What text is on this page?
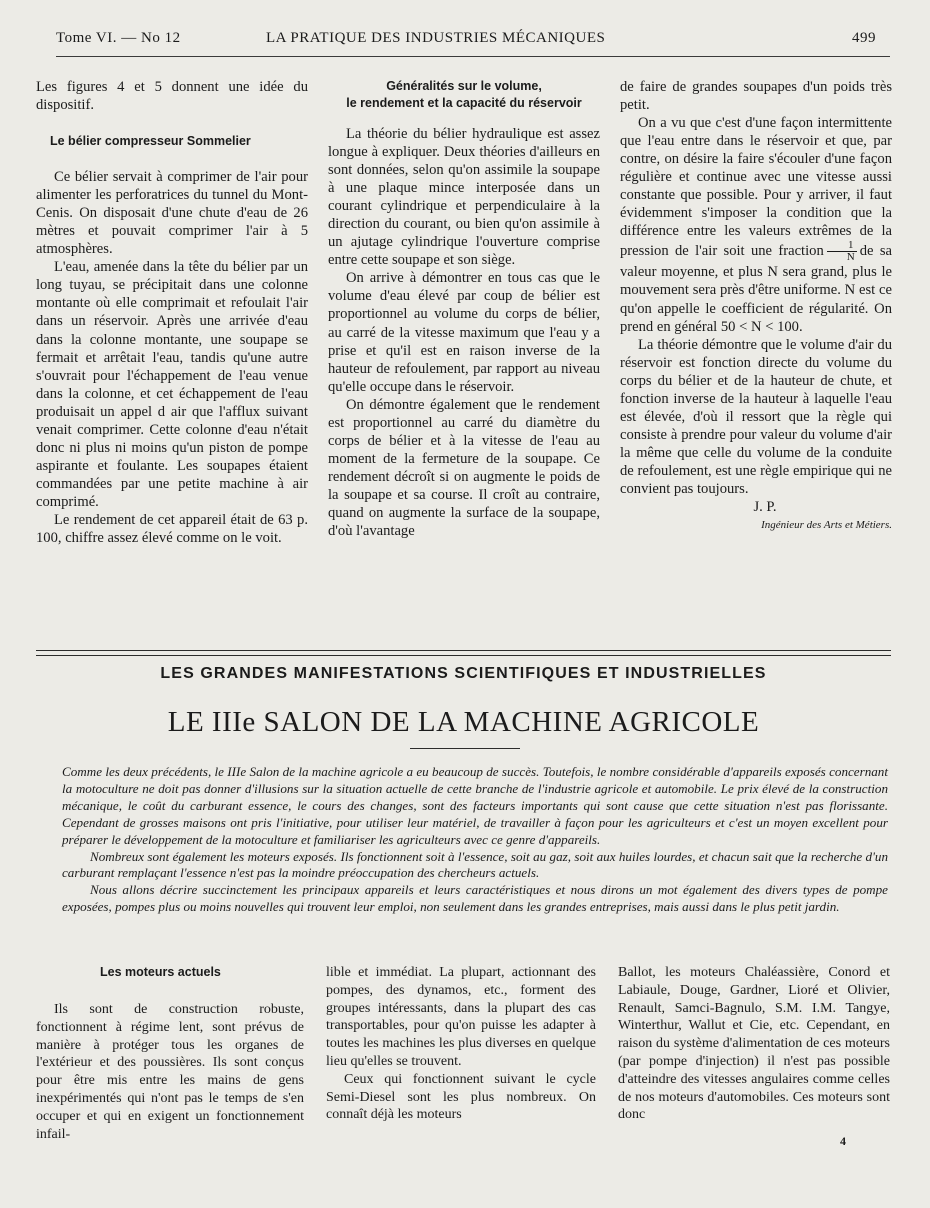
Tome VI. — No 12	LA PRATIQUE DES INDUSTRIES MÉCANIQUES	499

Les figures 4 et 5 donnent une idée du dispositif.

Le bélier compresseur Sommelier

Ce bélier servait à comprimer de l'air pour alimenter les perforatrices du tunnel du Mont-Cenis. On disposait d'une chute d'eau de 26 mètres et pouvait comprimer l'air à 5 atmosphères.

L'eau, amenée dans la tête du bélier par un long tuyau, se précipitait dans une colonne montante où elle comprimait et refoulait l'air dans un réservoir. Après une arrivée d'eau dans la colonne montante, une soupape se fermait et arrêtait l'eau, tandis qu'une autre s'ouvrait pour l'échappement de l'eau venue dans la colonne, et cet échappement de l'eau produisait un appel d air que l'afflux suivant venait comprimer. Cette colonne d'eau n'était donc ni plus ni moins qu'un piston de pompe aspirante et foulante. Les soupapes étaient commandées par une petite machine à air comprimé.

Le rendement de cet appareil était de 63 p. 100, chiffre assez élevé comme on le voit.

Généralités sur le volume,
le rendement et la capacité du réservoir

La théorie du bélier hydraulique est assez longue à expliquer. Deux théories d'ailleurs en sont données, selon qu'on assimile la soupape à une plaque mince interposée dans un courant cylindrique et perpendiculaire à la direction du courant, ou bien qu'on assimile à un ajutage cylindrique l'ouverture comprise entre cette soupape et son siège.

On arrive à démontrer en tous cas que le volume d'eau élevé par coup de bélier est proportionnel au volume du corps de bélier, au carré de la vitesse maximum que l'eau y a prise et qu'il est en raison inverse de la hauteur de refoulement, par rapport au niveau qu'elle occupe dans le réservoir.

On démontre également que le rendement est proportionnel au carré du diamètre du corps de bélier et à la vitesse de l'eau au moment de la fermeture de la soupape. Ce rendement décroît si on augmente le poids de la soupape et sa course. Il croît au contraire, quand on augmente la surface de la soupape, d'où l'avantage

de faire de grandes soupapes d'un poids très petit.

On a vu que c'est d'une façon intermittente que l'eau entre dans le réservoir et que, par contre, on désire la faire s'écouler d'une façon régulière et continue avec une vitesse aussi constante que possible. Pour y arriver, il faut évidemment s'imposer la condition que la différence entre les valeurs extrêmes de la pression de l'air soit une fraction $\frac{1}{N}$ de sa valeur moyenne, et plus N sera grand, plus le mouvement sera près d'être uniforme. N est ce qu'on appelle le coefficient de régularité. On prend en général 50 < N < 100.

La théorie démontre que le volume d'air du réservoir est fonction directe du volume du corps du bélier et de la hauteur de chute, et fonction inverse de la hauteur à laquelle l'eau est élevée, d'où il ressort que la règle qui consiste à prendre pour valeur du volume d'air la même que celle du volume de la conduite de refoulement, est une règle empirique qui ne convient pas toujours.

J. P.

Ingénieur des Arts et Métiers.

LES GRANDES MANIFESTATIONS SCIENTIFIQUES ET INDUSTRIELLES
LE IIIe SALON DE LA MACHINE AGRICOLE

Comme les deux précédents, le IIIe Salon de la machine agricole a eu beaucoup de succès. Toutefois, le nombre considérable d'appareils exposés concernant la motoculture ne doit pas donner d'illusions sur la situation actuelle de cette branche de l'industrie agricole et automobile. Le prix élevé de la construction mécanique, le coût du carburant essence, le cours des changes, sont des facteurs importants qui sont cause que cette situation n'est pas florissante. Cependant de grosses maisons ont pris l'initiative, pour utiliser leur matériel, de travailler à façon pour les agriculteurs et c'est un moyen excellent pour préparer le développement de la motoculture et familiariser les agriculteurs avec ce genre d'appareils.

Nombreux sont également les moteurs exposés. Ils fonctionnent soit à l'essence, soit au gaz, soit aux huiles lourdes, et chacun sait que la recherche d'un carburant remplaçant l'essence n'est pas la moindre préoccupation des chercheurs actuels.

Nous allons décrire succinctement les principaux appareils et leurs caractéristiques et nous dirons un mot également des divers types de pompe exposées, pompes plus ou moins nouvelles qui trouvent leur emploi, non seulement dans les grandes entreprises, mais aussi dans le plus petit jardin.

Les moteurs actuels

Ils sont de construction robuste, fonctionnent à régime lent, sont prévus de manière à protéger tous les organes de l'extérieur et des poussières. Ils sont conçus pour être mis entre les mains de gens inexpérimentés qui n'ont pas le temps de s'en occuper et qui en exigent un fonctionnement infail-

lible et immédiat. La plupart, actionnant des pompes, des dynamos, etc., forment des groupes intéressants, dans la plupart des cas transportables, pour qu'on puisse les adapter à toutes les machines les plus diverses en quelque lieu qu'elles se trouvent.

Ceux qui fonctionnent suivant le cycle Semi-Diesel sont les plus nombreux. On connaît déjà les moteurs

Ballot, les moteurs Chaléassière, Conord et Labiaule, Douge, Gardner, Lioré et Olivier, Renault, Samci-Bagnulo, S.M. I.M. Tangye, Winterthur, Wallut et Cie, etc. Cependant, en raison du système d'alimentation de ces moteurs (par pompe d'injection) il n'est pas possible d'atteindre des vitesses angulaires comme celles de nos moteurs d'automobiles. Ces moteurs sont donc

4
